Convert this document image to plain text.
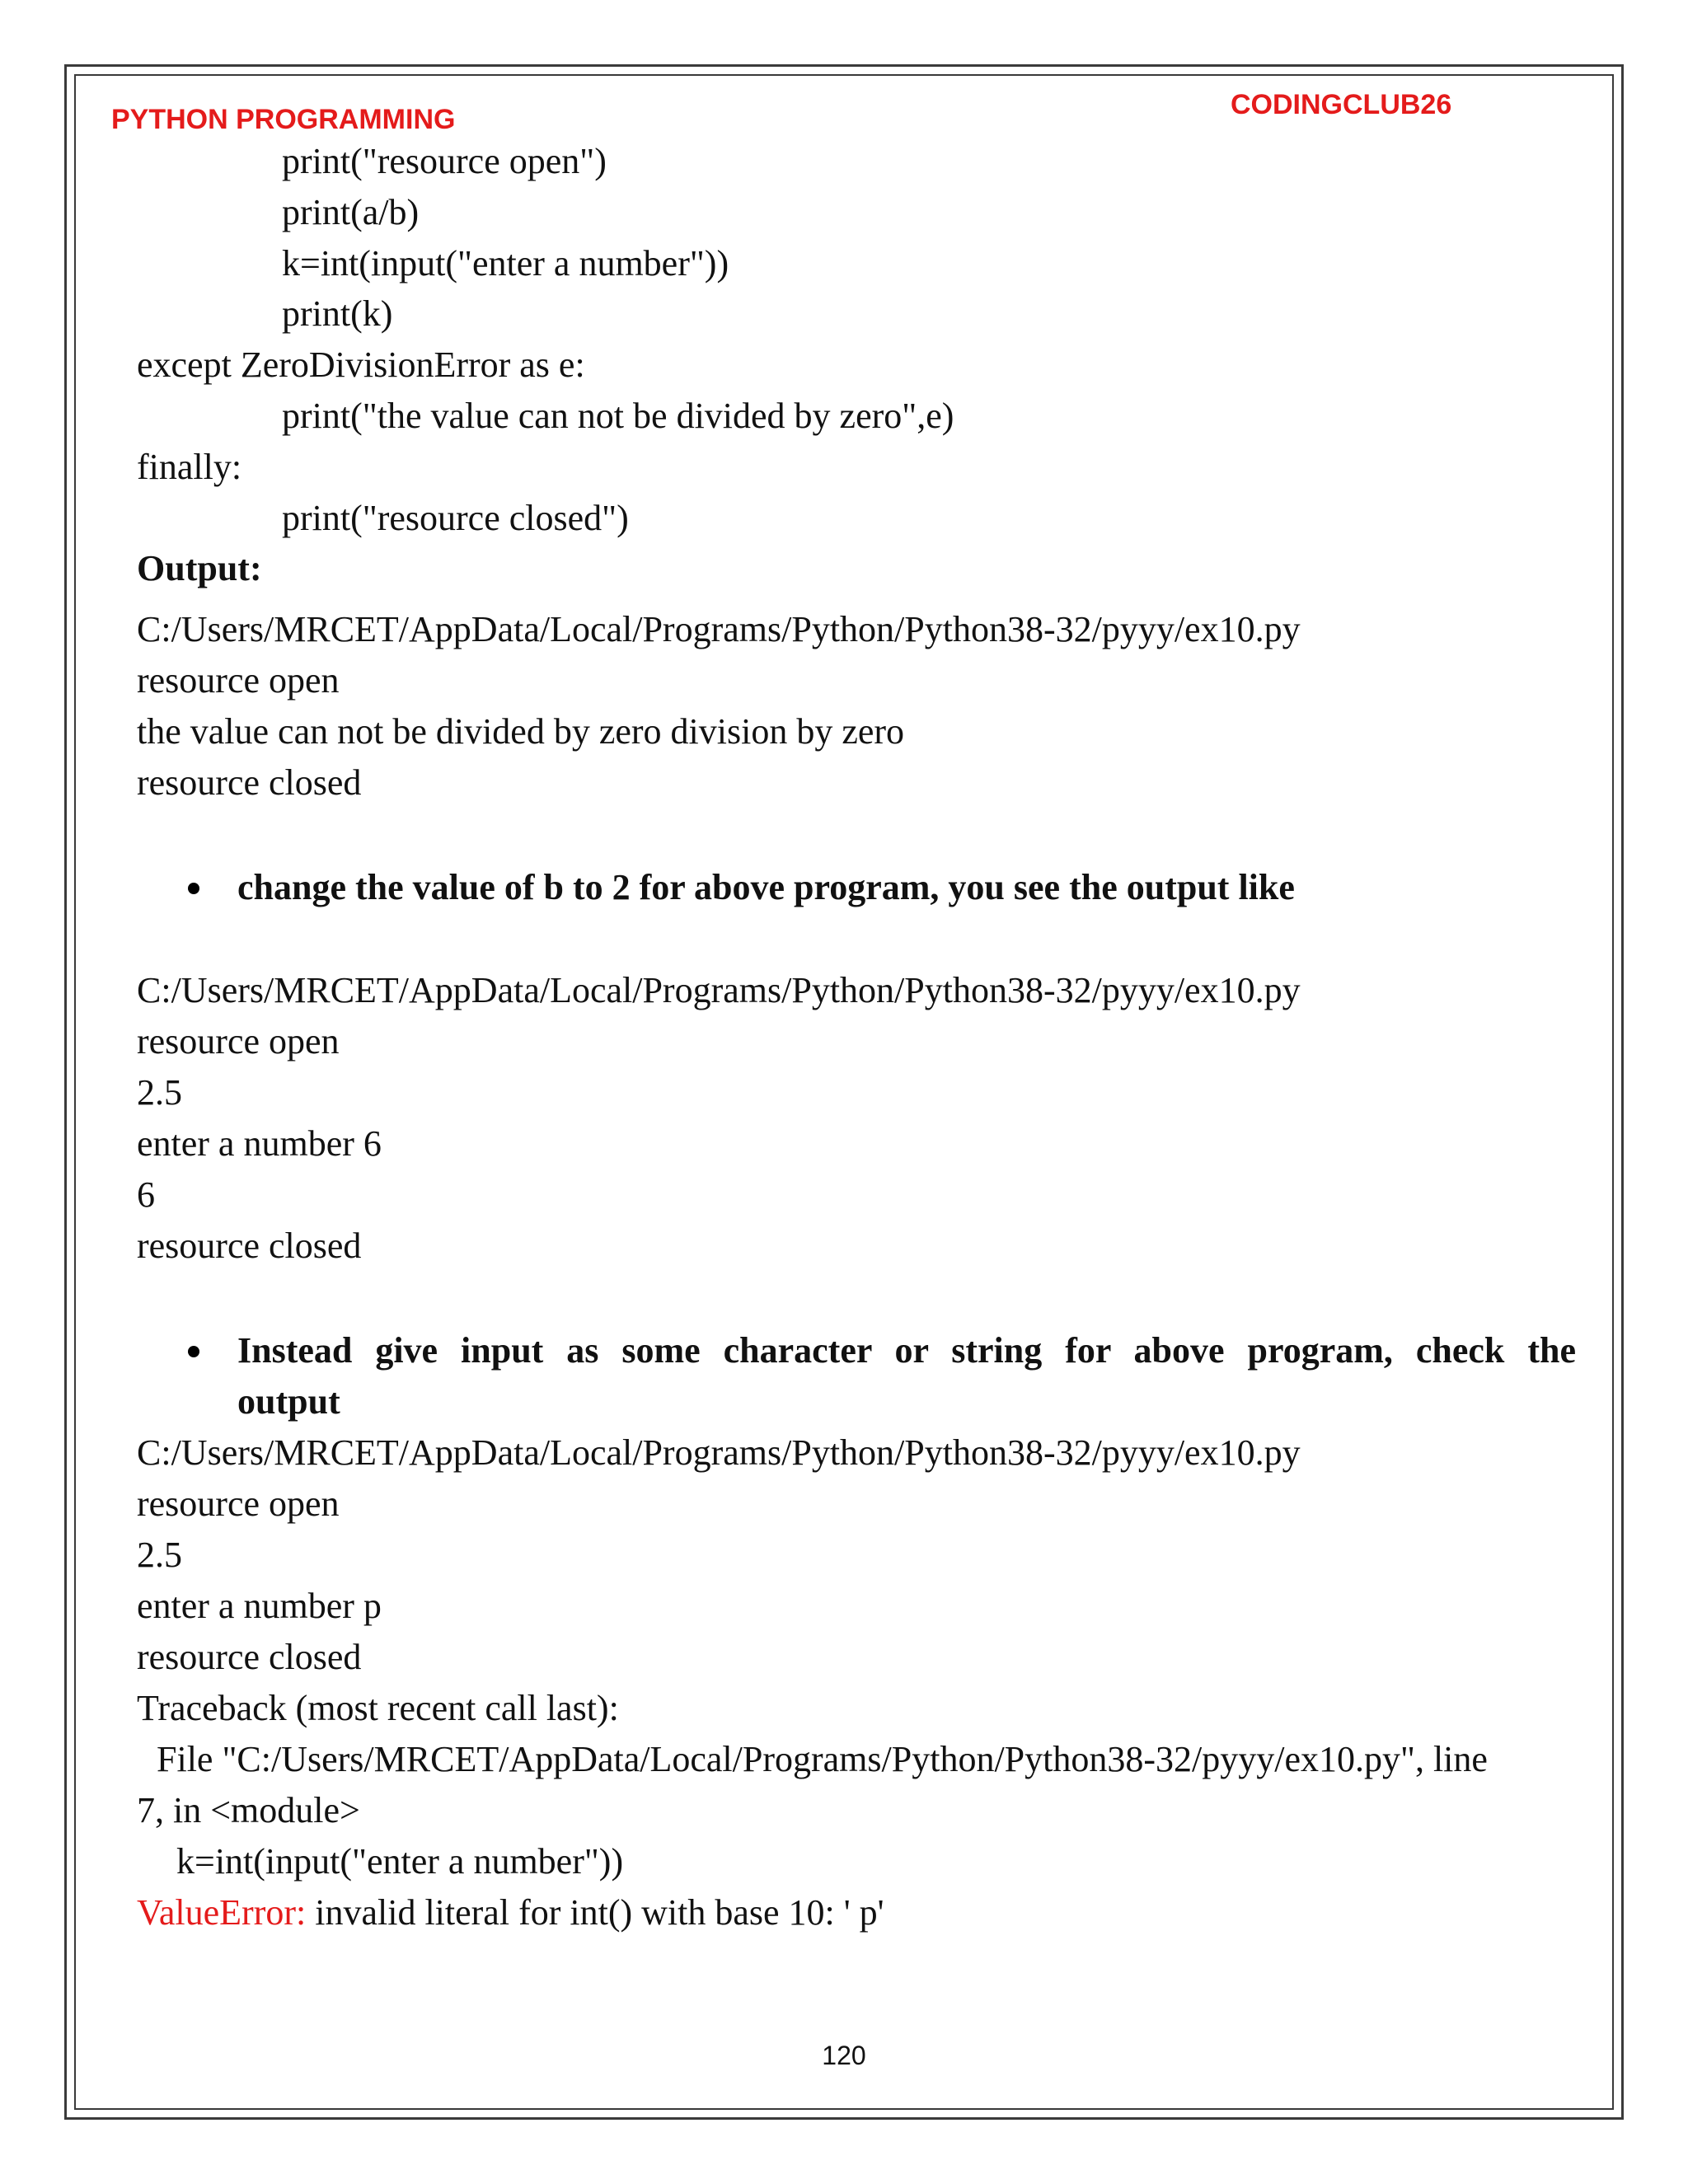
PYTHON PROGRAMMING	CODINGCLUB26

print("resource open")

print(a/b)

k=int(input("enter a number"))

print(k)

except ZeroDivisionError as e:

print("the value can not be divided by zero",e)

finally:

print("resource closed")

Output:

C:/Users/MRCET/AppData/Local/Programs/Python/Python38-32/pyyy/ex10.py

resource open

the value can not be divided by zero division by zero

resource closed

change the value of b to 2 for above program, you see the output like

C:/Users/MRCET/AppData/Local/Programs/Python/Python38-32/pyyy/ex10.py

resource open

2.5

enter a number 6

6

resource closed

Instead give input as some character or string for above program, check the

output

C:/Users/MRCET/AppData/Local/Programs/Python/Python38-32/pyyy/ex10.py

resource open

2.5

enter a number p

resource closed

Traceback (most recent call last):

File "C:/Users/MRCET/AppData/Local/Programs/Python/Python38-32/pyyy/ex10.py", line

7, in <module>

k=int(input("enter a number"))

ValueError: invalid literal for int() with base 10: ' p'

120
